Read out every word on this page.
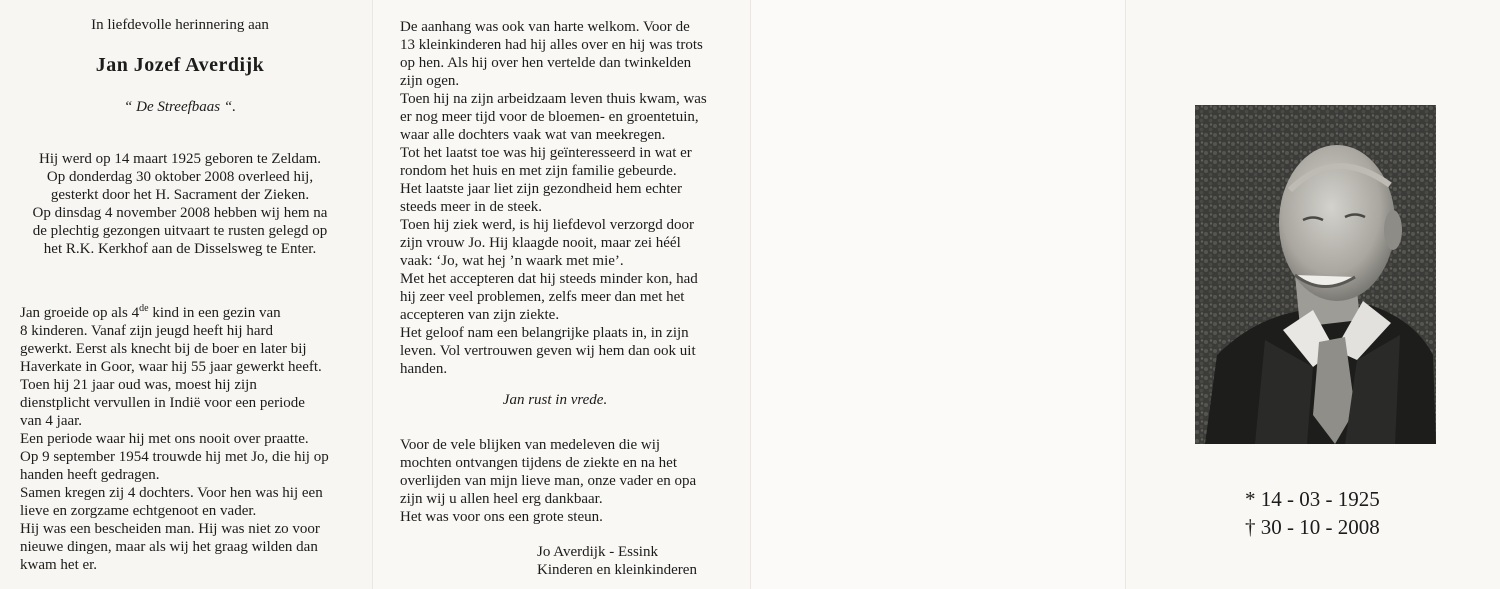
In liefdevolle herinnering aan
Jan Jozef Averdijk
“ De Streefbaas “.
Hij werd op 14 maart 1925 geboren te Zeldam.
Op donderdag 30 oktober 2008 overleed hij,
gesterkt door het H. Sacrament der Zieken.
Op dinsdag 4 november 2008 hebben wij hem na
de plechtig gezongen uitvaart te rusten gelegd op
het R.K. Kerkhof aan de Disselsweg te Enter.
Jan groeide op als 4de kind in een gezin van
8 kinderen. Vanaf zijn jeugd heeft hij hard
gewerkt. Eerst als knecht bij de boer en later bij
Haverkate in Goor, waar hij 55 jaar gewerkt heeft.
Toen hij 21 jaar oud was, moest hij zijn
dienstplicht vervullen in Indië voor een periode
van 4 jaar.
Een periode waar hij met ons nooit over praatte.
Op 9 september 1954 trouwde hij met Jo, die hij op
handen heeft gedragen.
Samen kregen zij 4 dochters. Voor hen was hij een
lieve en zorgzame echtgenoot en vader.
Hij was een bescheiden man. Hij was niet zo voor
nieuwe dingen, maar als wij het graag wilden dan
kwam het er.
De aanhang was ook van harte welkom. Voor de
13 kleinkinderen had hij alles over en hij was trots
op hen. Als hij over hen vertelde dan twinkelden
zijn ogen.
Toen hij na zijn arbeidzaam leven thuis kwam, was
er nog meer tijd voor de bloemen- en groentetuin,
waar alle dochters vaak wat van meekregen.
Tot het laatst toe was hij geïnteresseerd in wat er
rondom het huis en met zijn familie gebeurde.
Het laatste jaar liet zijn gezondheid hem echter
steeds meer in de steek.
Toen hij ziek werd, is hij liefdevol verzorgd door
zijn vrouw Jo. Hij klaagde nooit, maar zei héél
vaak: ‘Jo, wat hej ’n waark met mie’.
Met het accepteren dat hij steeds minder kon, had
hij zeer veel problemen, zelfs meer dan met het
accepteren van zijn ziekte.
Het geloof nam een belangrijke plaats in, in zijn
leven. Vol vertrouwen geven wij hem dan ook uit
handen.
Jan rust in vrede.
Voor de vele blijken van medeleven die wij
mochten ontvangen tijdens de ziekte en na het
overlijden van mijn lieve man, onze vader en opa
zijn wij u allen heel erg dankbaar.
Het was voor ons een grote steun.
Jo Averdijk - Essink
Kinderen en kleinkinderen
* 14 - 03 - 1925
† 30 - 10 - 2008
